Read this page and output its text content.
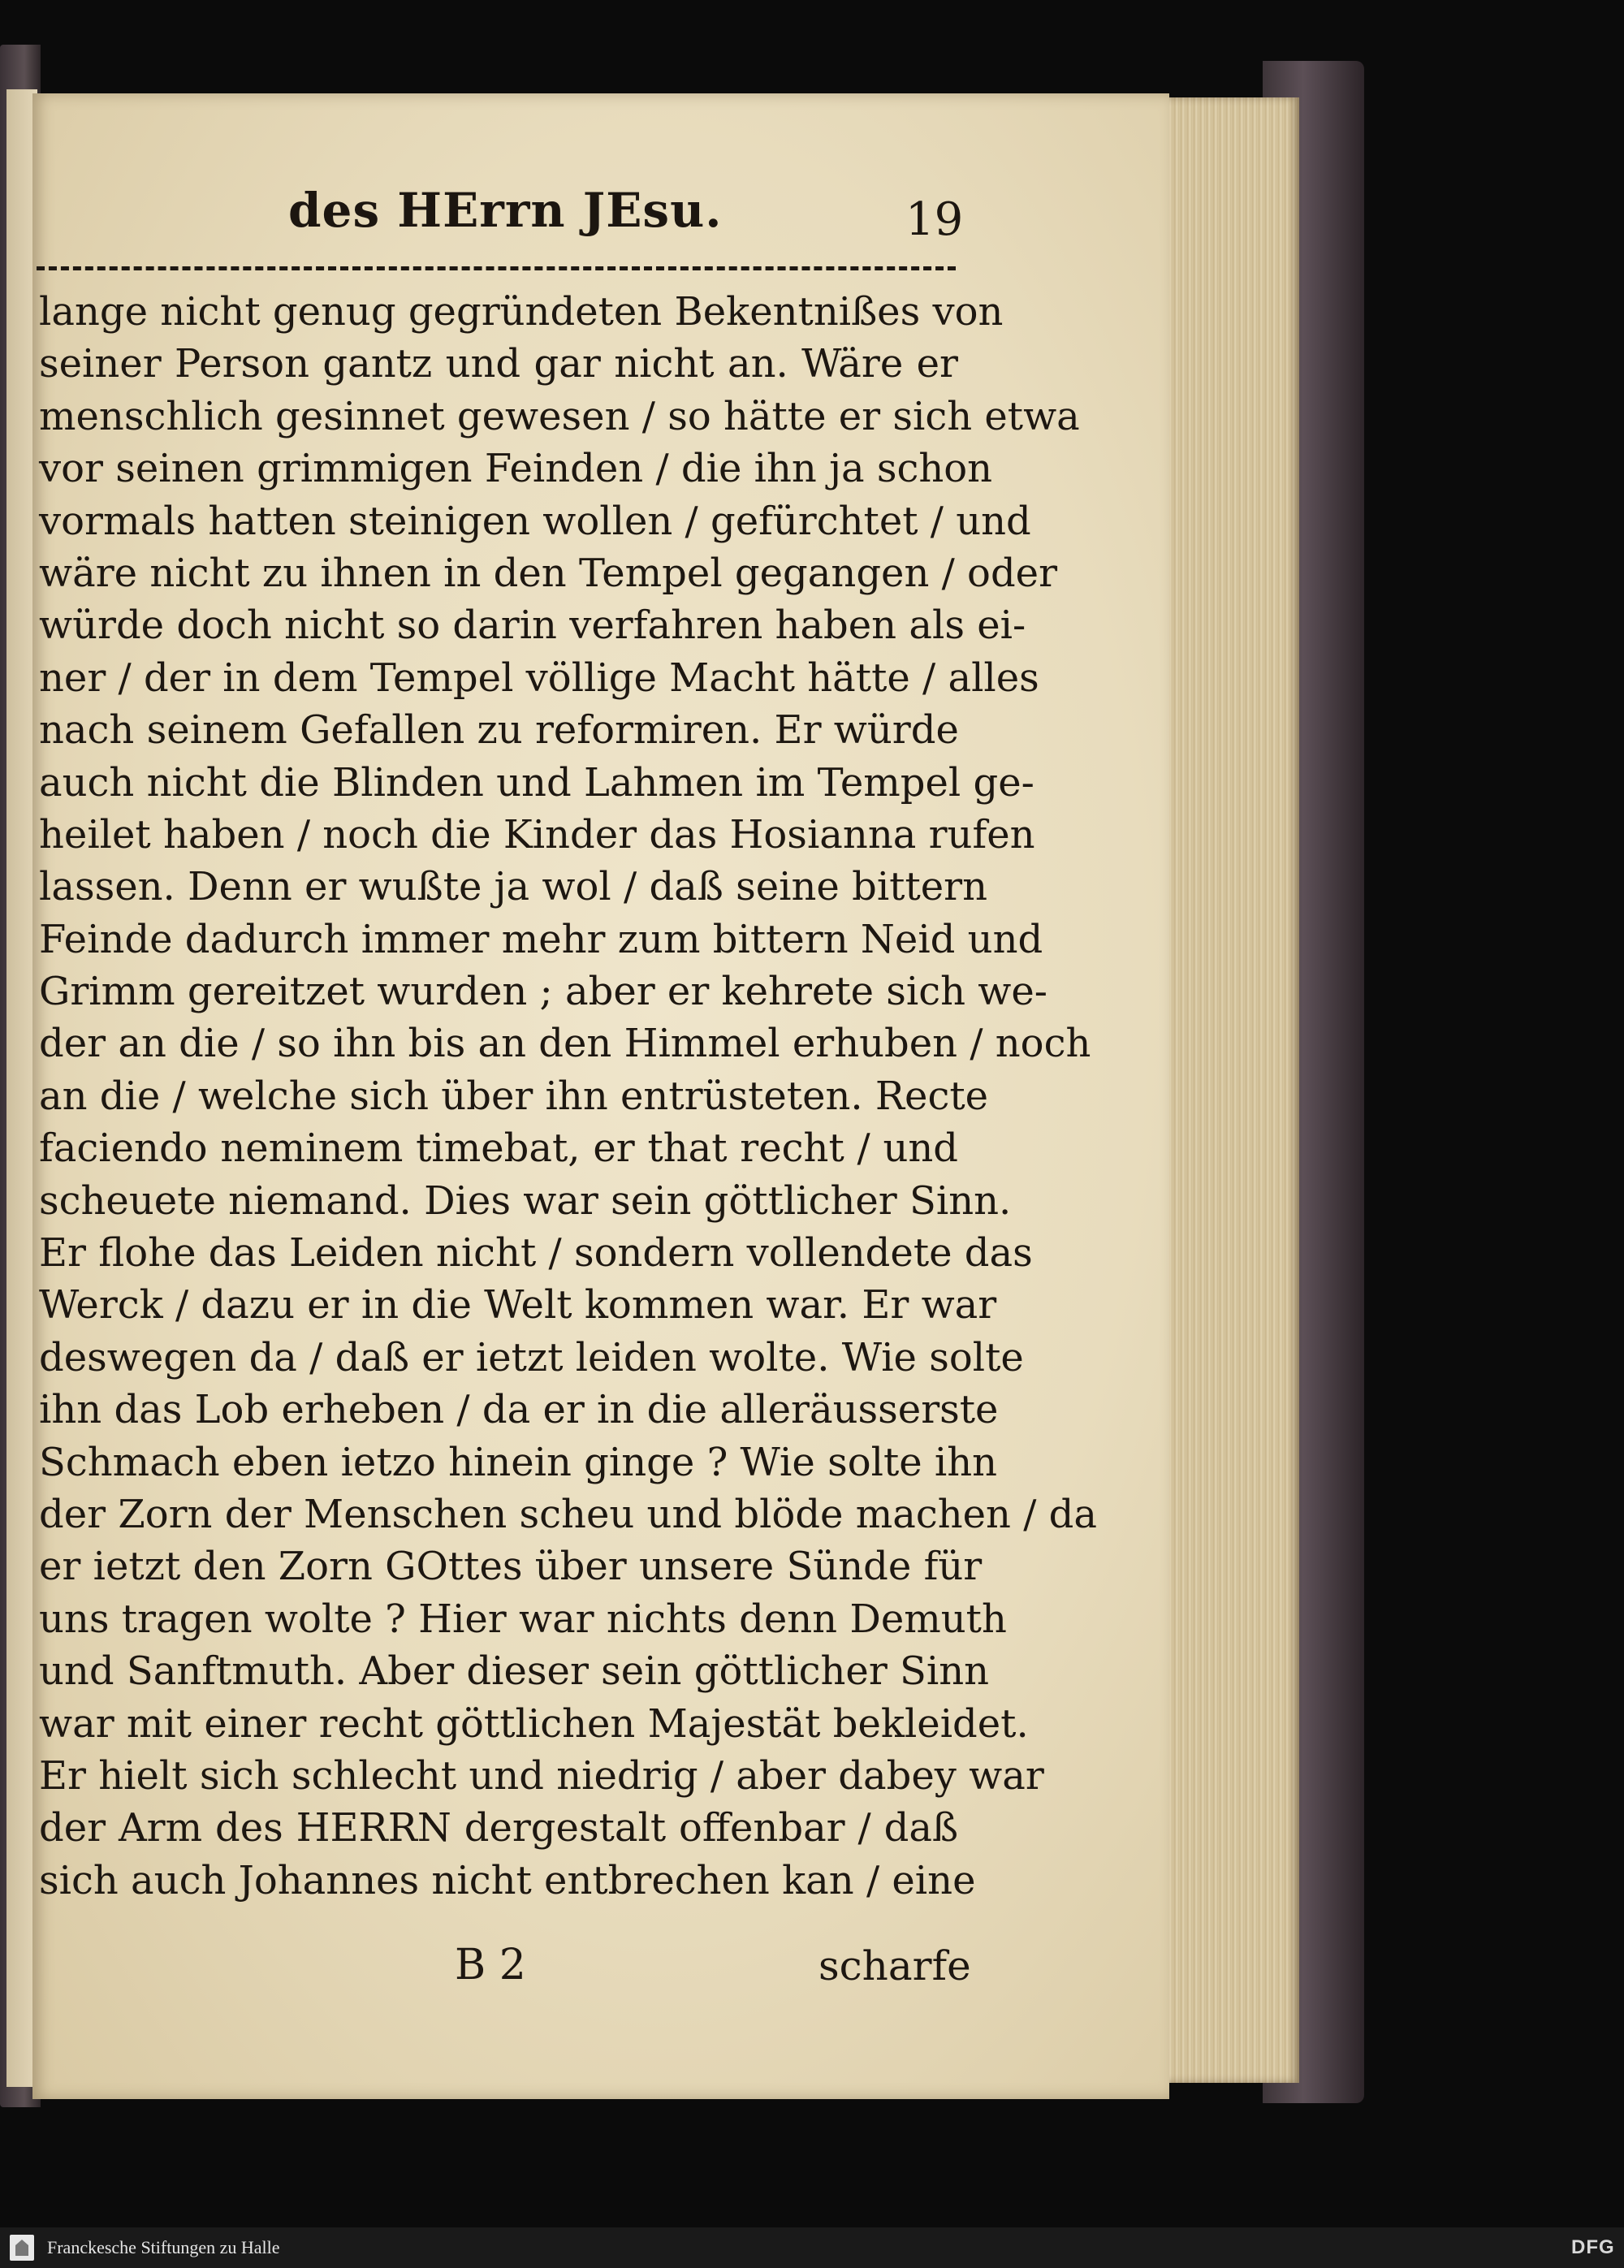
des HErrn JEsu.	19
lange nicht genug gegründeten Bekentnißes von
seiner Person gantz und gar nicht an. Wäre er
menschlich gesinnet gewesen / so hätte er sich etwa
vor seinen grimmigen Feinden / die ihn ja schon
vormals hatten steinigen wollen / gefürchtet / und
wäre nicht zu ihnen in den Tempel gegangen / oder
würde doch nicht so darin verfahren haben als ei-
ner / der in dem Tempel völlige Macht hätte / alles
nach seinem Gefallen zu reformiren. Er würde
auch nicht die Blinden und Lahmen im Tempel ge-
heilet haben / noch die Kinder das Hosianna rufen
lassen. Denn er wußte ja wol / daß seine bittern
Feinde dadurch immer mehr zum bittern Neid und
Grimm gereitzet wurden ; aber er kehrete sich we-
der an die / so ihn bis an den Himmel erhuben / noch
an die / welche sich über ihn entrüsteten. Recte
faciendo neminem timebat, er that recht / und
scheuete niemand. Dies war sein göttlicher Sinn.
Er flohe das Leiden nicht / sondern vollendete das
Werck / dazu er in die Welt kommen war. Er war
deswegen da / daß er ietzt leiden wolte. Wie solte
ihn das Lob erheben / da er in die alleräusserste
Schmach eben ietzo hinein ginge ? Wie solte ihn
der Zorn der Menschen scheu und blöde machen / da
er ietzt den Zorn GOttes über unsere Sünde für
uns tragen wolte ? Hier war nichts denn Demuth
und Sanftmuth. Aber dieser sein göttlicher Sinn
war mit einer recht göttlichen Majestät bekleidet.
Er hielt sich schlecht und niedrig / aber dabey war
der Arm des HERRN dergestalt offenbar / daß
sich auch Johannes nicht entbrechen kan / eine
B 2	scharfe
Franckesche Stiftungen zu Halle	DFG
